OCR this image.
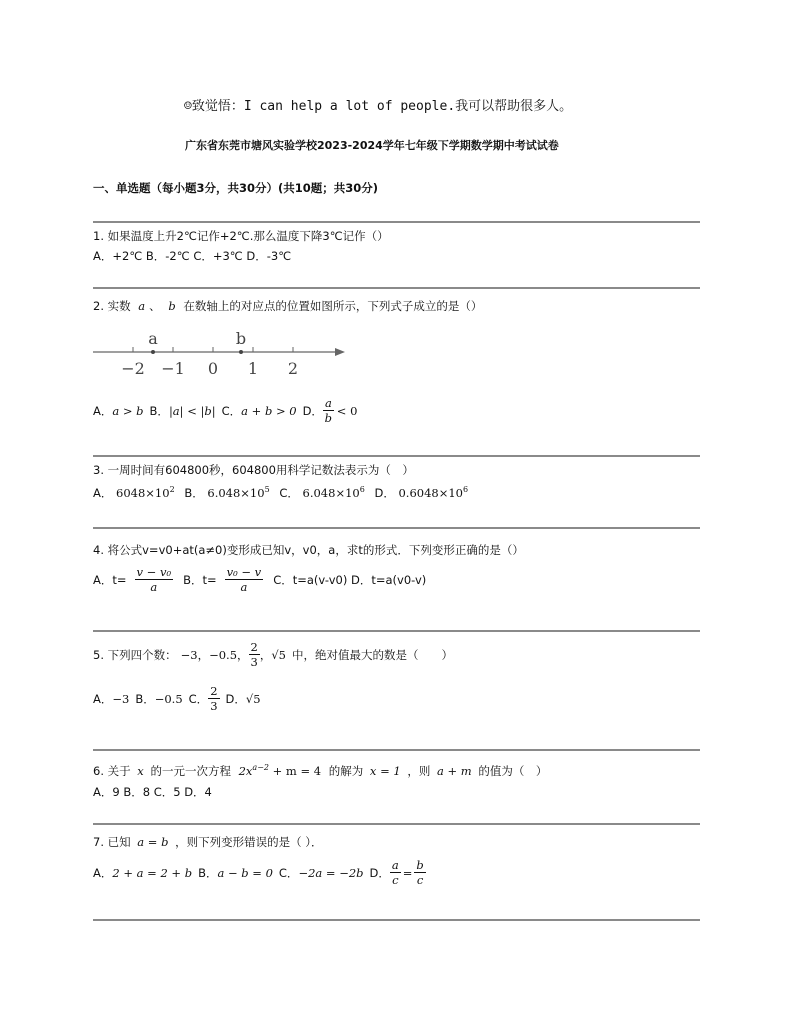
☺致觉悟：I can help a lot of people.我可以帮助很多人。
广东省东莞市塘风实验学校2023-2024学年七年级下学期数学期中考试试卷
一、单选题（每小题3分，共30分）(共10题；共30分)
1. 如果温度上升2℃记作+2℃.那么温度下降3℃记作（）
A．+2℃ B．-2℃ C．+3℃ D．-3℃
2. 实数 a 、 b 在数轴上的对应点的位置如图所示，下列式子成立的是（）
−2 −1 0 1 2
a	b
A． a > b B． |a| < |b| C． a + b > 0 D． $\frac{a}{b} < 0$
3. 一周时间有604800秒，604800用科学记数法表示为（　）
A． $6048\times 10^2$ B． $6.048\times 10^5$ C． $6.048\times 10^6$ D． $0.6048\times 10^6$
4. 将公式v=v0+at(a≠0)变形成已知v，v0，a，求t的形式．下列变形正确的是（）
A．$t= \frac{\text{v − v₀}}{a}$ B．$t= \frac{\text{v₀ − v}}{a}$ C．t=a(v-v0) D．t=a(v0-v)
5. 下列四个数： −3 ， −0.5 ， $\frac{2}{3}$ ， √5 中，绝对值最大的数是（　　）
A． −3 B． −0.5 C． $\frac{2}{3}$ D． √5
6. 关于 x 的一元一次方程 $2x^{a-2} + m = 4$ 的解为 x = 1 ，则 a + m 的值为（　）
A．9 B．8 C．5 D．4
7. 已知 a = b ，则下列变形错误的是（ ）．
A． 2 + a = 2 + b B． a − b = 0 C． −2a = −2b D． $\frac{a}{c} = \frac{b}{c}$
